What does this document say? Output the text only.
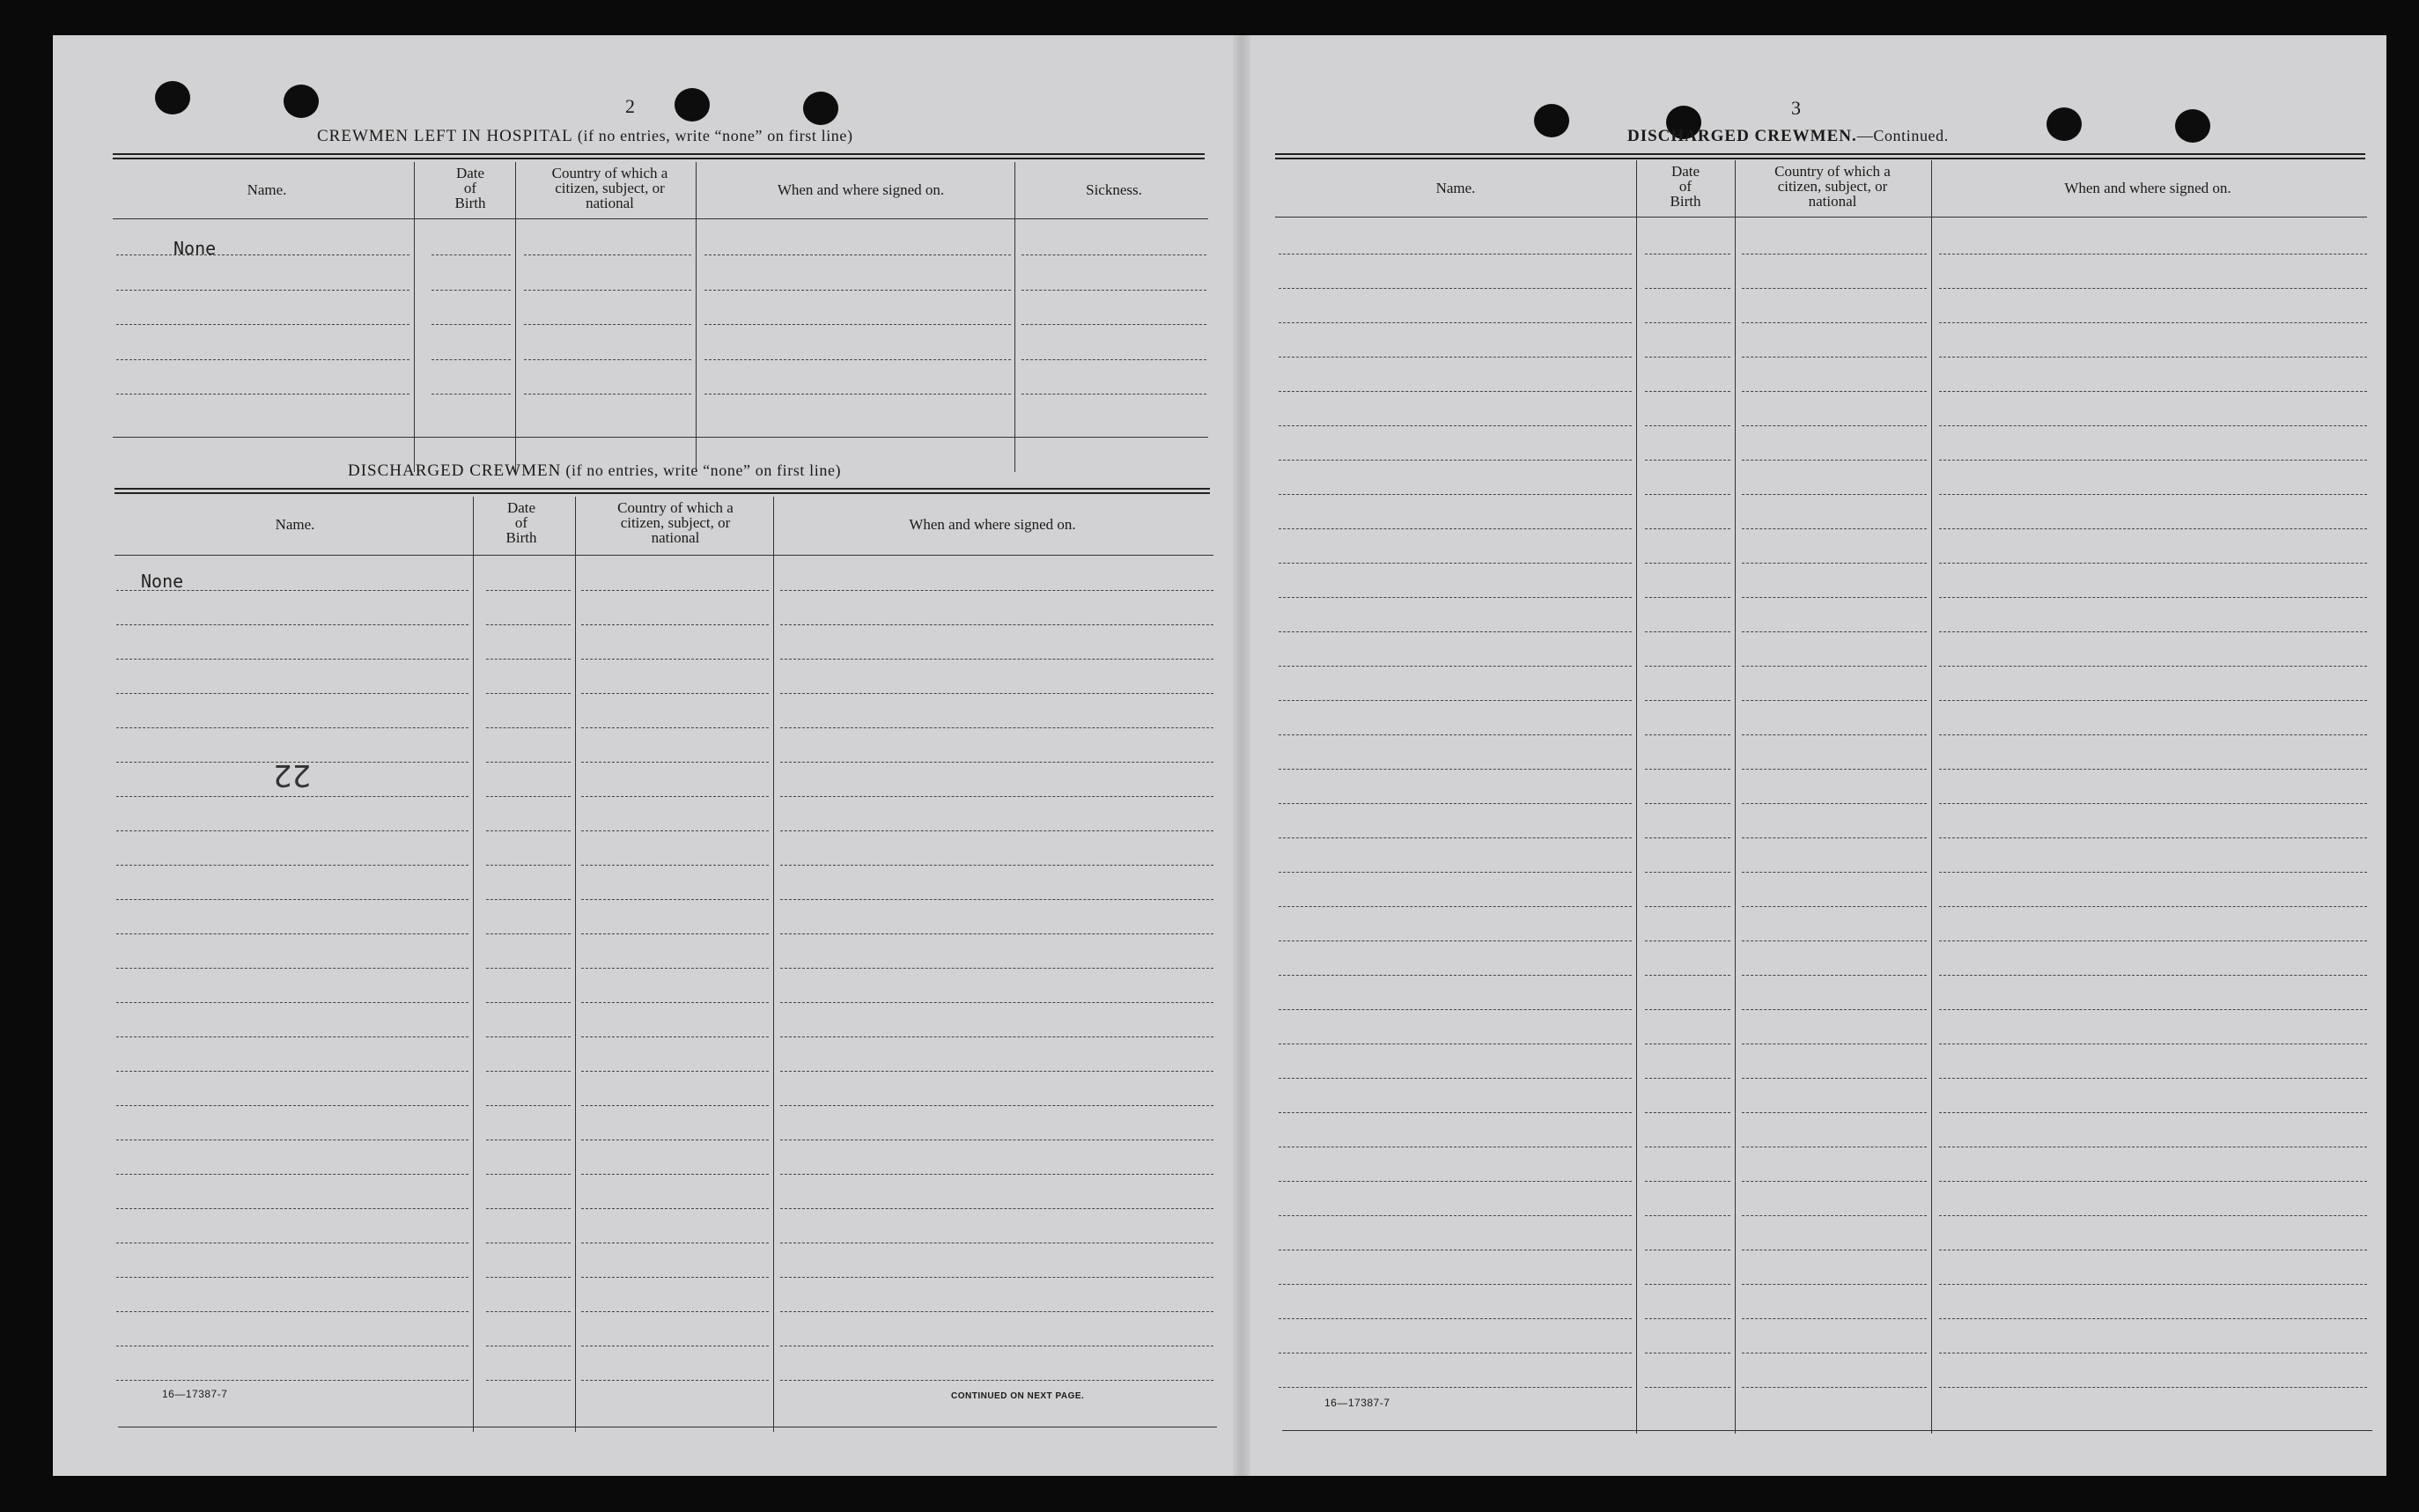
2
CREWMEN LEFT IN HOSPITAL (if no entries, write “none” on first line)
Name.
Date
of
Birth
Country of which a
citizen, subject, or
national
When and where signed on.	Sickness.
None
DISCHARGED CREWMEN (if no entries, write “none” on first line)
Name.
Date
of
Birth
Country of which a
citizen, subject, or
national
When and where signed on.
None
22
16—17387-7	CONTINUED ON NEXT PAGE.
3
DISCHARGED CREWMEN.—Continued.
Name.
Date
of
Birth
Country of which a
citizen, subject, or
national
When and where signed on.
16—17387-7
